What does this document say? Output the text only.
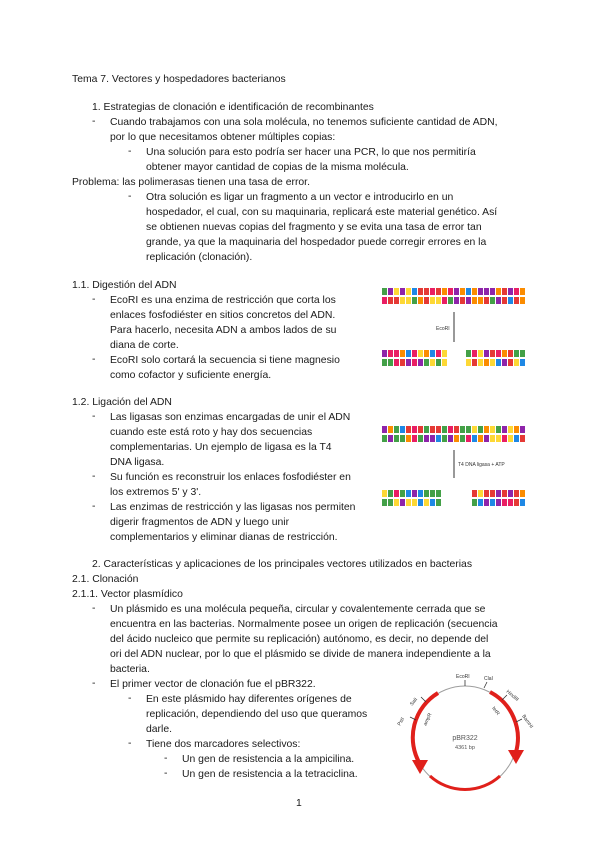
Tema 7. Vectores y hospedadores bacterianos
1. Estrategias de clonación e identificación de recombinantes
- Cuando trabajamos con una sola molécula, no tenemos suficiente cantidad de ADN,
por lo que necesitamos obtener múltiples copias:
- Una solución para esto podría ser hacer una PCR, lo que nos permitiría
obtener mayor cantidad de copias de la misma molécula.
Problema: las polimerasas tienen una tasa de error.
- Otra solución es ligar un fragmento a un vector e introducirlo en un
hospedador, el cual, con su maquinaria, replicará este material genético. Así
se obtienen nuevas copias del fragmento y se evita una tasa de error tan
grande, ya que la maquinaria del hospedador puede corregir errores en la
replicación (clonación).
1.1. Digestión del ADN
- EcoRI es una enzima de restricción que corta los
enlaces fosfodiéster en sitios concretos del ADN.
Para hacerlo, necesita ADN a ambos lados de su
diana de corte.
- EcoRI solo cortará la secuencia si tiene magnesio
como cofactor y suficiente energía.
EcoRI
1.2. Ligación del ADN
- Las ligasas son enzimas encargadas de unir el ADN
cuando este está roto y hay dos secuencias
complementarias. Un ejemplo de ligasa es la T4
DNA ligasa.
- Su función es reconstruir los enlaces fosfodiéster en
los extremos 5' y 3'.
- Las enzimas de restricción y las ligasas nos permiten
digerir fragmentos de ADN y luego unir
complementarios y eliminar dianas de restricción.
T4 DNA ligasa + ATP
2. Características y aplicaciones de los principales vectores utilizados en bacterias
2.1. Clonación
2.1.1. Vector plasmídico
- Un plásmido es una molécula pequeña, circular y covalentemente cerrada que se
encuentra en las bacterias. Normalmente posee un origen de replicación (secuencia
del ácido nucleico que permite su replicación) autónomo, es decir, no depende del
ori del ADN nuclear, por lo que el plásmido se divide de manera independiente a la
bacteria.
- El primer vector de clonación fue el pBR322.
- En este plásmido hay diferentes orígenes de
replicación, dependiendo del uso que queramos
darle.
- Tiene dos marcadores selectivos:
- Un gen de resistencia a la ampicilina.
- Un gen de resistencia a la tetraciclina.
EcoRI	ClaI
HindIII
BamHI
PstI
SalI
ampR
tetR
pBR322
4361 bp
1
